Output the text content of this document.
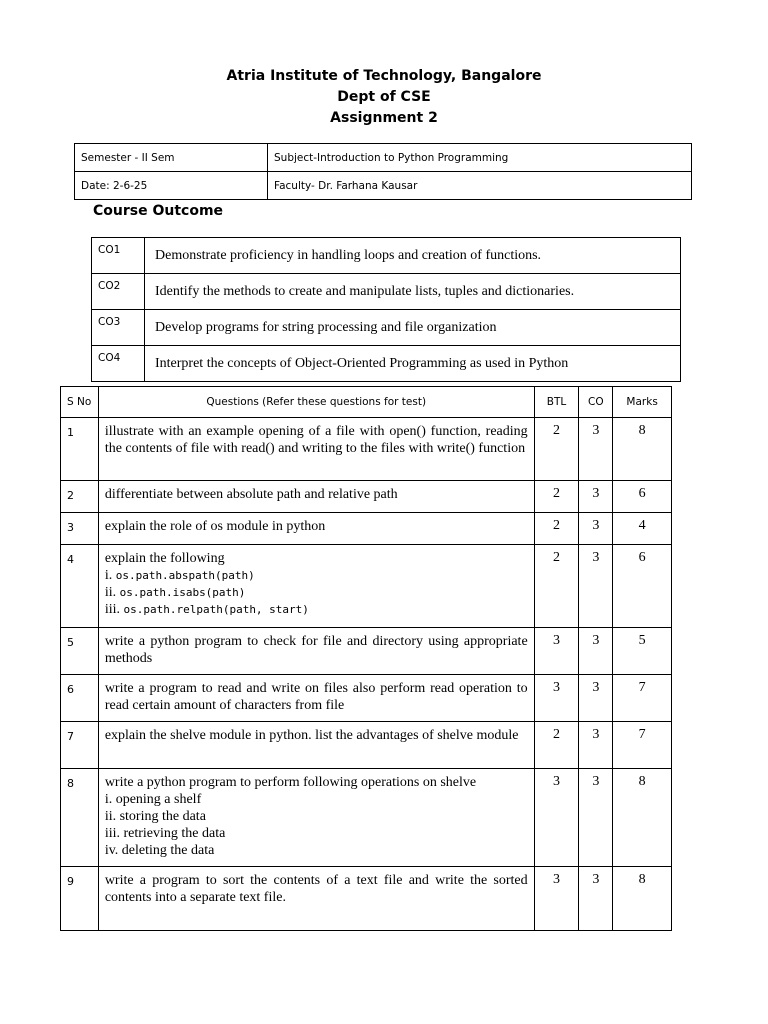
Atria Institute of Technology, Bangalore
Dept of CSE
Assignment 2
Semester - II Sem	Subject-Introduction to Python Programming
Date: 2-6-25	Faculty- Dr. Farhana Kausar
Course Outcome
CO1	Demonstrate proficiency in handling loops and creation of functions.
CO2	Identify the methods to create and manipulate lists, tuples and dictionaries.
CO3	Develop programs for string processing and file organization
CO4	Interpret the concepts of Object-Oriented Programming as used in Python
S No	Questions (Refer these questions for test)	BTL	CO	Marks
1	illustrate with an example opening of a file with open() function, reading the contents of file with read() and writing to the files with write() function	2	3	8
2	differentiate between absolute path and relative path	2	3	6
3	explain the role of os module in python	2	3	4
4	explain the following
i. os.path.abspath(path)
ii. os.path.isabs(path)
iii. os.path.relpath(path, start)	2	3	6
5	write a python program to check for file and directory using appropriate methods	3	3	5
6	write a program to read and write on files also perform read operation to read certain amount of characters from file	3	3	7
7	explain the shelve module in python. list the advantages of shelve module	2	3	7
8	write a python program to perform following operations on shelve
i. opening a shelf
ii. storing the data
iii. retrieving the data
iv. deleting the data	3	3	8
9	write a program to sort the contents of a text file and write the sorted contents into a separate text file.	3	3	8
